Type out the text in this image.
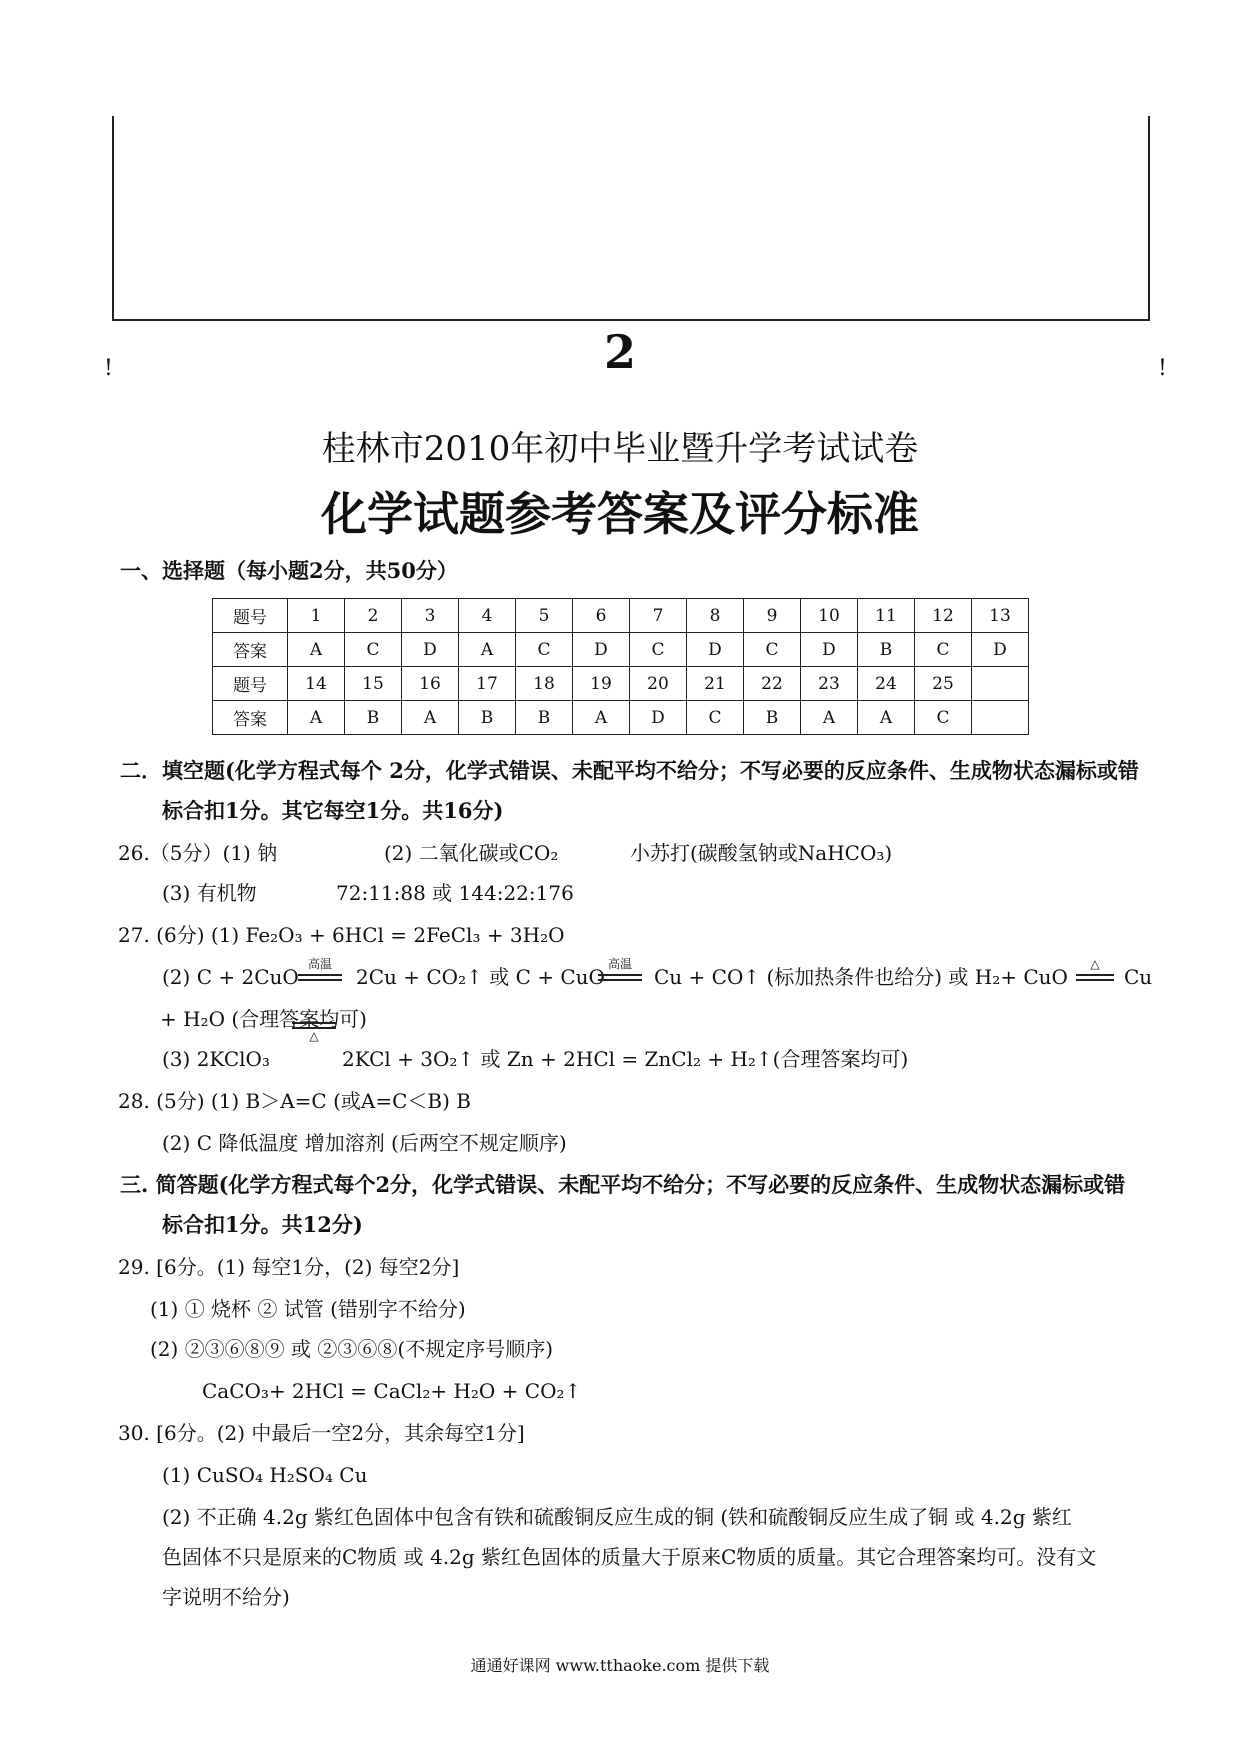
2
!	!
桂林市2010年初中毕业暨升学考试试卷
化学试题参考答案及评分标准
一、选择题（每小题2分，共50分）
题号	1	2	3	4	5	6	7	8	9	10	11	12	13
答案	A	C	D	A	C	D	C	D	C	D	B	C	D
题号	14	15	16	17	18	19	20	21	22	23	24	25	
答案	A	B	A	B	B	A	D	C	B	A	A	C	
二．填空题(化学方程式每个 2分，化学式错误、未配平均不给分；不写必要的反应条件、生成物状态漏标或错
标合扣1分。其它每空1分。共16分)
26.（5分）(1) 钠	(2) 二氧化碳或CO₂	小苏打(碳酸氢钠或NaHCO₃)
(3) 有机物	72:11:88 或 144:22:176
27. (6分) (1) Fe₂O₃ + 6HCl = 2FeCl₃ + 3H₂O
(2) C + 2CuO
高温
2Cu + CO₂↑ 或 C + CuO
高温
Cu + CO↑ (标加热条件也给分) 或 H₂+ CuO
△
Cu
+ H₂O (合理答案均可)
△
(3) 2KClO₃	2KCl + 3O₂↑ 或 Zn + 2HCl = ZnCl₂ + H₂↑(合理答案均可)
28. (5分) (1) B＞A=C (或A=C＜B) B
(2) C 降低温度 增加溶剂 (后两空不规定顺序)
三. 简答题(化学方程式每个2分，化学式错误、未配平均不给分；不写必要的反应条件、生成物状态漏标或错
标合扣1分。共12分)
29. [6分。(1) 每空1分，(2) 每空2分]
(1) ① 烧杯 ② 试管 (错别字不给分)
(2) ②③⑥⑧⑨ 或 ②③⑥⑧(不规定序号顺序)
CaCO₃+ 2HCl = CaCl₂+ H₂O + CO₂↑
30. [6分。(2) 中最后一空2分，其余每空1分]
(1) CuSO₄ H₂SO₄ Cu
(2) 不正确 4.2g 紫红色固体中包含有铁和硫酸铜反应生成的铜 (铁和硫酸铜反应生成了铜 或 4.2g 紫红
色固体不只是原来的C物质 或 4.2g 紫红色固体的质量大于原来C物质的质量。其它合理答案均可。没有文
字说明不给分)
通通好课网 www.tthaoke.com 提供下载
